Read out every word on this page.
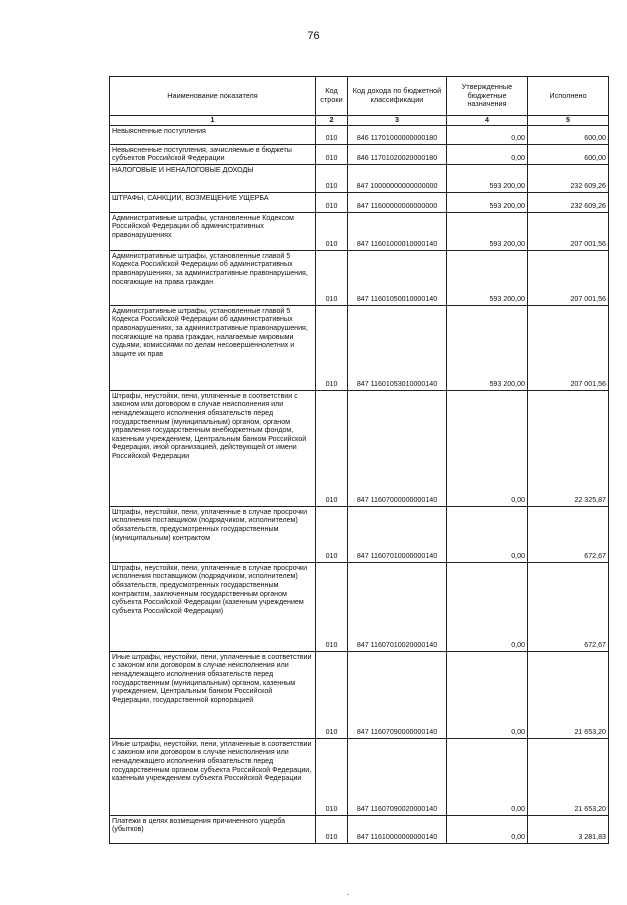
76
Наименование показателя	Код строки	Код дохода по бюджетной классификации	Утвержденные бюджетные назначения	Исполнено
1	2	3	4	5
Невыясненные поступления	010	846 11701000000000180	0,00	600,00
Невыясненные поступления, зачисляемые в бюджеты субъектов Российской Федерации	010	846 11701020020000180	0,00	600,00
НАЛОГОВЫЕ И НЕНАЛОГОВЫЕ ДОХОДЫ	010	847 10000000000000000	593 200,00	232 609,26
ШТРАФЫ, САНКЦИИ, ВОЗМЕЩЕНИЕ УЩЕРБА	010	847 11600000000000000	593 200,00	232 609,26
Административные штрафы, установленные Кодексом Российской Федерации об административных правонарушениях	010	847 11601000010000140	593 200,00	207 001,56
Административные штрафы, установленные главой 5 Кодекса Российской Федерации об административных правонарушениях, за административные правонарушения, посягающие на права граждан	010	847 11601050010000140	593 200,00	207 001,56
Административные штрафы, установленные главой 5 Кодекса Российской Федерации об административных правонарушениях, за административные правонарушения, посягающие на права граждан, налагаемые мировыми судьями, комиссиями по делам несовершеннолетних и защите их прав	010	847 11601053010000140	593 200,00	207 001,56
Штрафы, неустойки, пени, уплаченные в соответствии с законом или договором в случае неисполнения или ненадлежащего исполнения обязательств перед государственным (муниципальным) органом, органом управления государственным внебюджетным фондом, казенным учреждением, Центральным банком Российской Федерации, иной организацией, действующей от имени Российской Федерации	010	847 11607000000000140	0,00	22 325,87
Штрафы, неустойки, пени, уплаченные в случае просрочки исполнения поставщиком (подрядчиком, исполнителем) обязательств, предусмотренных государственным (муниципальным) контрактом	010	847 11607010000000140	0,00	672,67
Штрафы, неустойки, пени, уплаченные в случае просрочки исполнения поставщиком (подрядчиком, исполнителем) обязательств, предусмотренных государственным контрактом, заключенным государственным органом субъекта Российской Федерации (казенным учреждением субъекта Российской Федерации)	010	847 11607010020000140	0,00	672,67
Иные штрафы, неустойки, пени, уплаченные в соответствии с законом или договором в случае неисполнения или ненадлежащего исполнения обязательств перед государственным (муниципальным) органом, казенным учреждением, Центральным банком Российской Федерации, государственной корпорацией	010	847 11607090000000140	0,00	21 653,20
Иные штрафы, неустойки, пени, уплаченные в соответствии с законом или договором в случае неисполнения или ненадлежащего исполнения обязательств перед государственным органом субъекта Российской Федерации, казенным учреждением субъекта Российской Федерации	010	847 11607090020000140	0,00	21 653,20
Платежи в целях возмещения причиненного ущерба (убытков)	010	847 11610000000000140	0,00	3 281,83
.
